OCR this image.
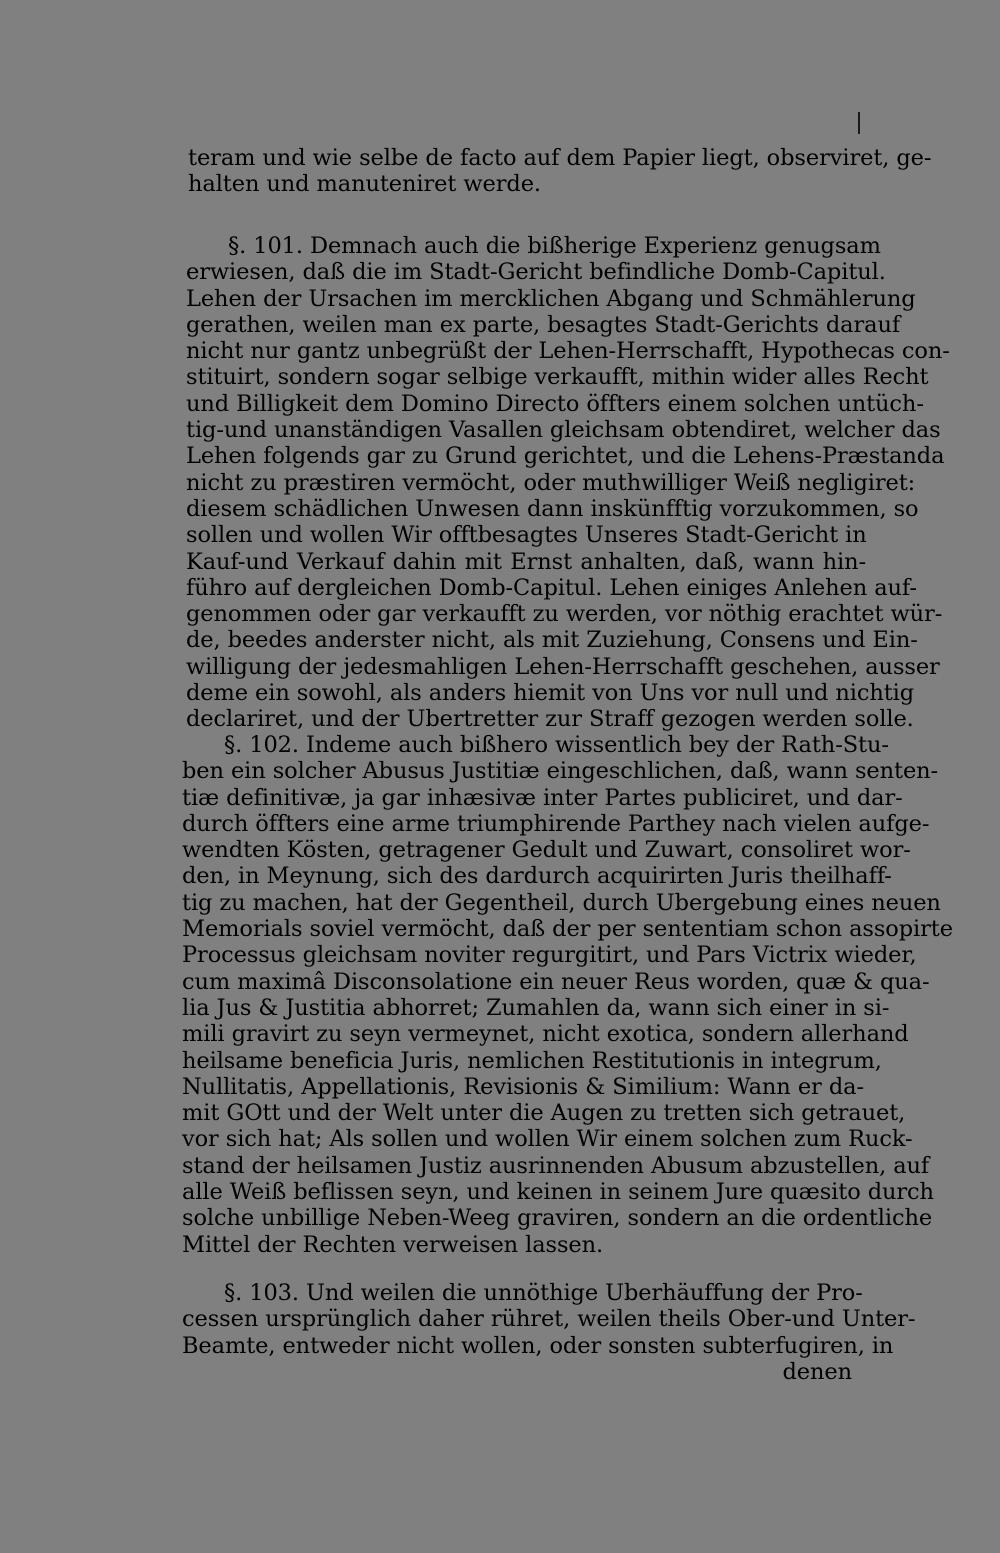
teram und wie selbe de facto auf dem Papier liegt, observiret, ge-
halten und manuteniret werde.
§. 101. Demnach auch die bißherige Experienz genugsam
erwiesen, daß die im Stadt-Gericht befindliche Domb-Capitul.
Lehen der Ursachen im mercklichen Abgang und Schmählerung
gerathen, weilen man ex parte, besagtes Stadt-Gerichts darauf
nicht nur gantz unbegrüßt der Lehen-Herrschafft, Hypothecas con-
stituirt, sondern sogar selbige verkaufft, mithin wider alles Recht
und Billigkeit dem Domino Directo öffters einem solchen untüch-
tig-und unanständigen Vasallen gleichsam obtendiret, welcher das
Lehen folgends gar zu Grund gerichtet, und die Lehens-Præstanda
nicht zu præstiren vermöcht, oder muthwilliger Weiß negligiret:
diesem schädlichen Unwesen dann inskünfftig vorzukommen, so
sollen und wollen Wir offtbesagtes Unseres Stadt-Gericht in
Kauf-und Verkauf dahin mit Ernst anhalten, daß, wann hin-
führo auf dergleichen Domb-Capitul. Lehen einiges Anlehen auf-
genommen oder gar verkaufft zu werden, vor nöthig erachtet wür-
de, beedes anderster nicht, als mit Zuziehung, Consens und Ein-
willigung der jedesmahligen Lehen-Herrschafft geschehen, ausser
deme ein sowohl, als anders hiemit von Uns vor null und nichtig
declariret, und der Ubertretter zur Straff gezogen werden solle.
§. 102. Indeme auch bißhero wissentlich bey der Rath-Stu-
ben ein solcher Abusus Justitiæ eingeschlichen, daß, wann senten-
tiæ definitivæ, ja gar inhæsivæ inter Partes publiciret, und dar-
durch öffters eine arme triumphirende Parthey nach vielen aufge-
wendten Kösten, getragener Gedult und Zuwart, consoliret wor-
den, in Meynung, sich des dardurch acquirirten Juris theilhaff-
tig zu machen, hat der Gegentheil, durch Ubergebung eines neuen
Memorials soviel vermöcht, daß der per sententiam schon assopirte
Processus gleichsam noviter regurgitirt, und Pars Victrix wieder,
cum maximâ Disconsolatione ein neuer Reus worden, quæ & qua-
lia Jus & Justitia abhorret; Zumahlen da, wann sich einer in si-
mili gravirt zu seyn vermeynet, nicht exotica, sondern allerhand
heilsame beneficia Juris, nemlichen Restitutionis in integrum,
Nullitatis, Appellationis, Revisionis & Similium: Wann er da-
mit GOtt und der Welt unter die Augen zu tretten sich getrauet,
vor sich hat; Als sollen und wollen Wir einem solchen zum Ruck-
stand der heilsamen Justiz ausrinnenden Abusum abzustellen, auf
alle Weiß beflissen seyn, und keinen in seinem Jure quæsito durch
solche unbillige Neben-Weeg graviren, sondern an die ordentliche
Mittel der Rechten verweisen lassen.
§. 103. Und weilen die unnöthige Uberhäuffung der Pro-
cessen ursprünglich daher rühret, weilen theils Ober-und Unter-
Beamte, entweder nicht wollen, oder sonsten subterfugiren, in
denen
